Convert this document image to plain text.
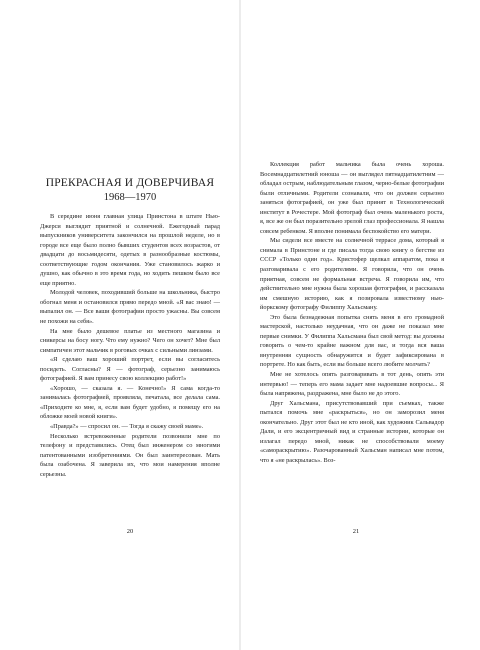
ПРЕКРАСНАЯ И ДОВЕРЧИВАЯ
1968—1970

В середине июня главная улица Принстона в штате Нью-Джерси выглядит приятной и солнечной. Ежегодный парад выпускников университета закончился на прошлой неделе, но в городе все еще было полно бывших студентов всех возрастов, от двадцати до восьмидесяти, одетых в разнообразные костюмы, соответствующие годом окончания. Уже становилось жарко и душно, как обычно в это время года, но ходить пешком было все еще приятно.

Молодой человек, походивший больше на школьника, быстро обогнал меня и остановился прямо передо мной. «Я вас знаю! — выпалил он. — Все ваши фотографии просто ужасны. Вы совсем не похожи на себя».

На мне было дешевое платье из местного магазина и сникерсы на босу ногу. Что ему нужно? Чего он хочет? Мне был симпатичен этот мальчик в роговых очках с сильными линзами.

«Я сделаю ваш хороший портрет, если вы согласитесь посидеть. Согласны? Я — фотограф, серьезно занимаюсь фотографией. Я вам принесу свою коллекцию работ!»

«Хорошо, — сказала я. — Конечно!» Я сама когда-то занималась фотографией, проявляла, печатала, все делала сама. «Приходите ко мне, я, если вам будет удобно, я помещу его на обложке моей новой книги».

«Правда?» — спросил он. — Тогда я скажу своей маме».

Несколько встревоженные родители позвонили мне по телефону и представились. Отец был инженером со многими патентованными изобретениями. Он был заинтересован. Мать была озабочена. Я заверила их, что мои намерения вполне серьезны.

20

Коллекция работ мальчика была очень хороша. Восемнадцатилетний юноша — он выглядел пятнадцатилетним — обладал острым, наблюдательным глазом, черно-белые фотографии были отличными. Родители сознавали, что он должен серьезно заняться фотографией, он уже был принят в Технологический институт в Рочестере. Мой фотограф был очень маленького роста, я, все же он был поразительно зрелой глаз профессионала. Я нашла совсем ребенком. Я вполне понимала беспокойство его матери.

Мы сидели все вместе на солнечной террасе дома, который я снимала в Принстоне и где писала тогда свою книгу о бегстве из СССР «Только один год». Кристофер щелкал аппаратом, пока я разговаривала с его родителями. Я говорила, что он очень приятная, совсем не формальная встреча. Я говорила им, что действительно мне нужна была хорошая фотография, и рассказала им смешную историю, как я позировала известному нью-йоркскому фотографу Филиппу Хальсману.

Это была безнадежная попытка снять меня в его громадной мастерской, настолько неудачная, что он даже не показал мне первые снимки. У Филиппа Хальсмана был свой метод: вы должны говорить о чем-то крайне важном для вас, и тогда вся ваша внутренняя сущность обнаружится и будет зафиксирована в портрете. Но как быть, если вы больше всего любите молчать?

Мне не хотелось опять разговаривать в тот день, опять эти интервью! — теперь его мама задает мне надоевшие вопросы... Я была напряжена, раздражена, мне было не до этого.

Друг Хальсмана, присутствовавший при съемках, также пытался помочь мне «раскрыться», но он заморозил меня окончательно. Друг этот был не кто иной, как художник Сальвадор Дали, и его эксцентричный вид и странные истории, которые он излагал передо мной, никак не способствовали моему «самораскрытию». Разочарованный Хальсман написал мне потом, что я «не раскрылась». Воз-

21
